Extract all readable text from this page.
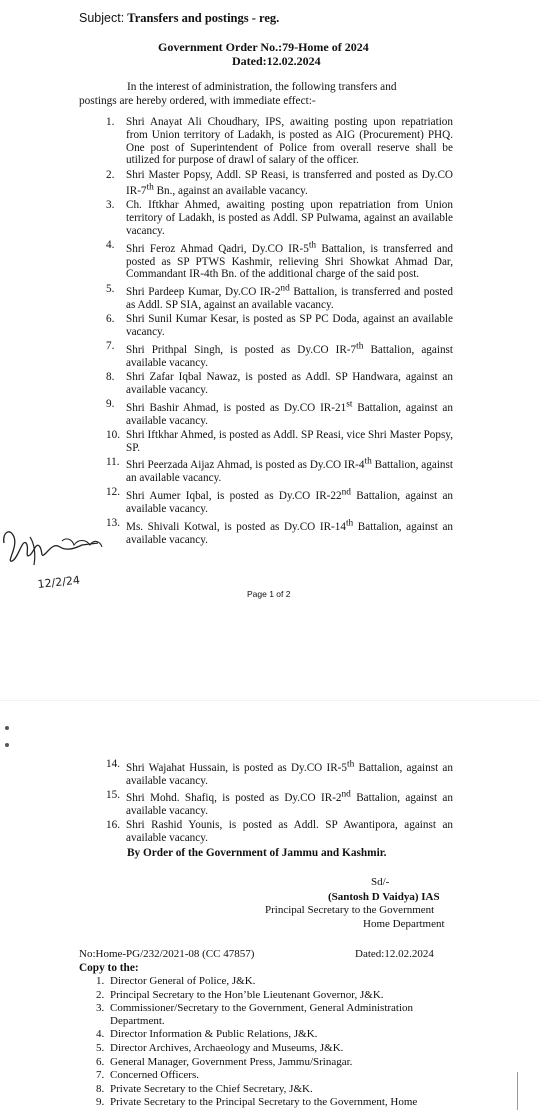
Subject: Transfers and postings - reg.
Government Order No.:79-Home of 2024
Dated:12.02.2024
In the interest of administration, the following transfers and
postings are hereby ordered, with immediate effect:-
1. Shri Anayat Ali Choudhary, IPS, awaiting posting upon repatriation from Union territory of Ladakh, is posted as AIG (Procurement) PHQ. One post of Superintendent of Police from overall reserve shall be utilized for purpose of drawl of salary of the officer.
2. Shri Master Popsy, Addl. SP Reasi, is transferred and posted as Dy.CO IR-7th Bn., against an available vacancy.
3. Ch. Iftkhar Ahmed, awaiting posting upon repatriation from Union territory of Ladakh, is posted as Addl. SP Pulwama, against an available vacancy.
4. Shri Feroz Ahmad Qadri, Dy.CO IR-5th Battalion, is transferred and posted as SP PTWS Kashmir, relieving Shri Showkat Ahmad Dar, Commandant IR-4th Bn. of the additional charge of the said post.
5. Shri Pardeep Kumar, Dy.CO IR-2nd Battalion, is transferred and posted as Addl. SP SIA, against an available vacancy.
6. Shri Sunil Kumar Kesar, is posted as SP PC Doda, against an available vacancy.
7. Shri Prithpal Singh, is posted as Dy.CO IR-7th Battalion, against available vacancy.
8. Shri Zafar Iqbal Nawaz, is posted as Addl. SP Handwara, against an available vacancy.
9. Shri Bashir Ahmad, is posted as Dy.CO IR-21st Battalion, against an available vacancy.
10. Shri Iftkhar Ahmed, is posted as Addl. SP Reasi, vice Shri Master Popsy, SP.
11. Shri Peerzada Aijaz Ahmad, is posted as Dy.CO IR-4th Battalion, against an available vacancy.
12. Shri Aumer Iqbal, is posted as Dy.CO IR-22nd Battalion, against an available vacancy.
13. Ms. Shivali Kotwal, is posted as Dy.CO IR-14th Battalion, against an available vacancy.
12/2/24
Page 1 of 2
14. Shri Wajahat Hussain, is posted as Dy.CO IR-5th Battalion, against an available vacancy.
15. Shri Mohd. Shafiq, is posted as Dy.CO IR-2nd Battalion, against an available vacancy.
16. Shri Rashid Younis, is posted as Addl. SP Awantipora, against an available vacancy.
By Order of the Government of Jammu and Kashmir.
Sd/-
(Santosh D Vaidya) IAS
Principal Secretary to the Government
Home Department
No:Home-PG/232/2021-08 (CC 47857)	Dated:12.02.2024
Copy to the:
1. Director General of Police, J&K.
2. Principal Secretary to the Hon’ble Lieutenant Governor, J&K.
3. Commissioner/Secretary to the Government, General Administration Department.
4. Director Information & Public Relations, J&K.
5. Director Archives, Archaeology and Museums, J&K.
6. General Manager, Government Press, Jammu/Srinagar.
7. Concerned Officers.
8. Private Secretary to the Chief Secretary, J&K.
9. Private Secretary to the Principal Secretary to the Government, Home
